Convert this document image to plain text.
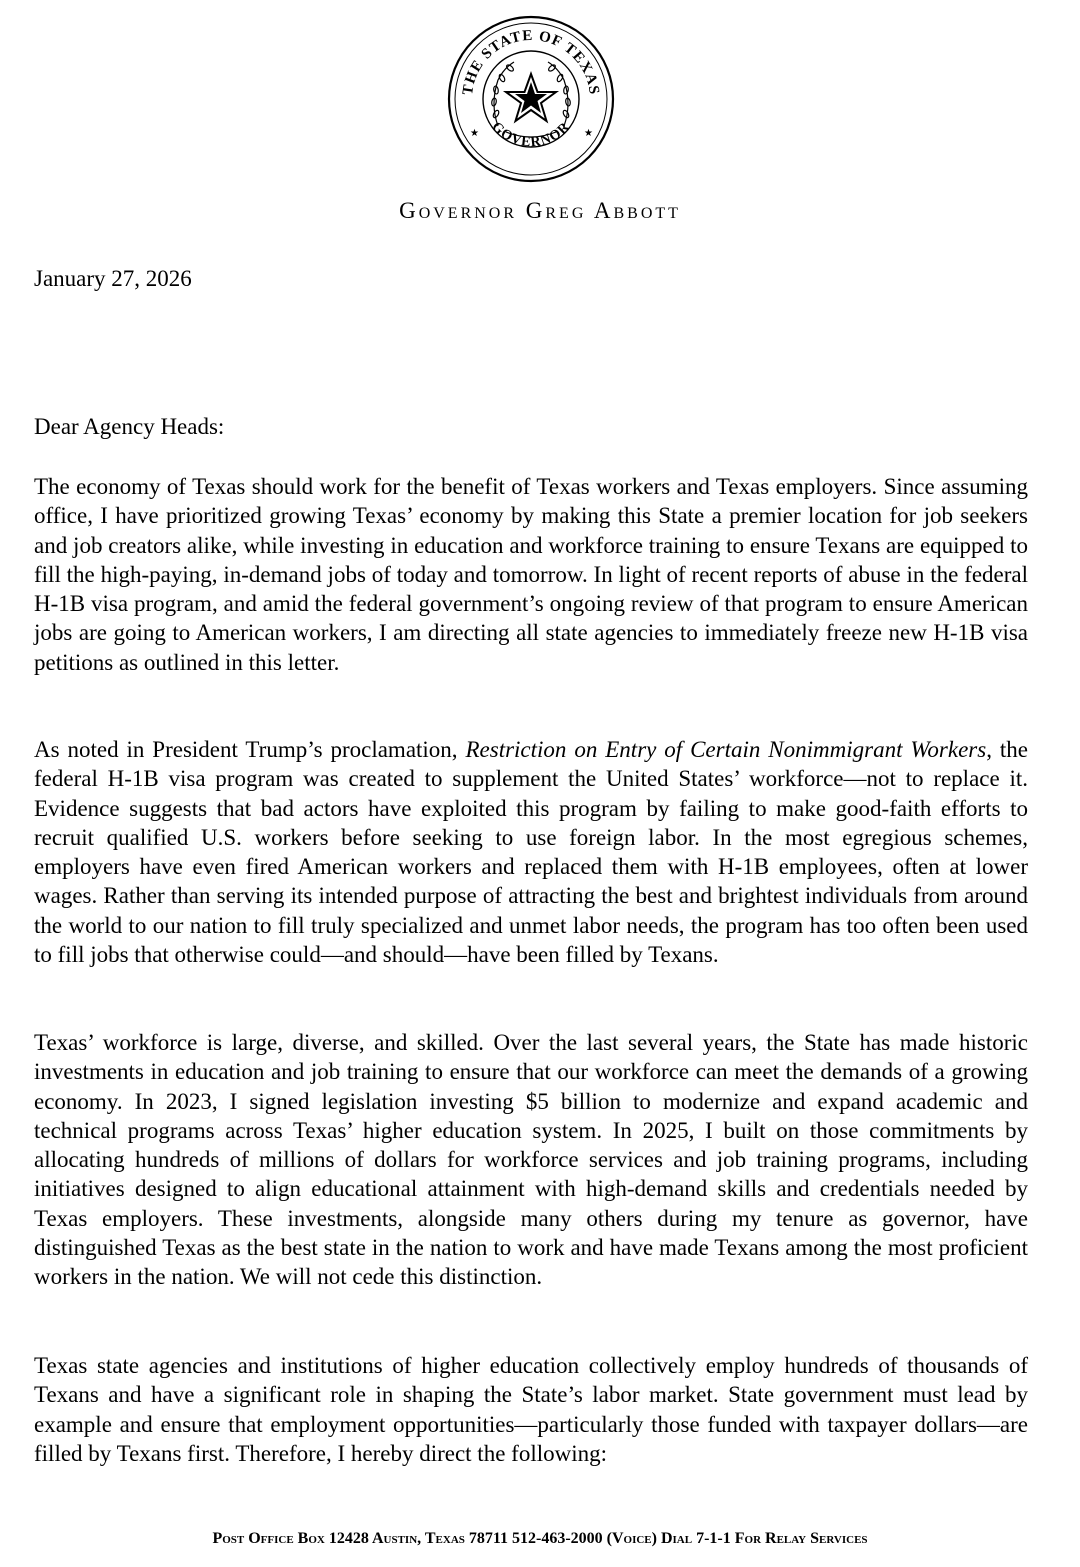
THE STATE OF TEXAS
GOVERNOR
★	★
Governor Greg Abbott
January 27, 2026
Dear Agency Heads:

The economy of Texas should work for the benefit of Texas workers and Texas employers. Since assuming office, I have prioritized growing Texas’ economy by making this State a premier location for job seekers and job creators alike, while investing in education and workforce training to ensure Texans are equipped to fill the high-paying, in-demand jobs of today and tomorrow. In light of recent reports of abuse in the federal H-1B visa program, and amid the federal government’s ongoing review of that program to ensure American jobs are going to American workers, I am directing all state agencies to immediately freeze new H-1B visa petitions as outlined in this letter.

As noted in President Trump’s proclamation, Restriction on Entry of Certain Nonimmigrant Workers, the federal H-1B visa program was created to supplement the United States’ workforce—not to replace it. Evidence suggests that bad actors have exploited this program by failing to make good-faith efforts to recruit qualified U.S. workers before seeking to use foreign labor. In the most egregious schemes, employers have even fired American workers and replaced them with H-1B employees, often at lower wages. Rather than serving its intended purpose of attracting the best and brightest individuals from around the world to our nation to fill truly specialized and unmet labor needs, the program has too often been used to fill jobs that otherwise could—and should—have been filled by Texans.

Texas’ workforce is large, diverse, and skilled. Over the last several years, the State has made historic investments in education and job training to ensure that our workforce can meet the demands of a growing economy. In 2023, I signed legislation investing $5 billion to modernize and expand academic and technical programs across Texas’ higher education system. In 2025, I built on those commitments by allocating hundreds of millions of dollars for workforce services and job training programs, including initiatives designed to align educational attainment with high-demand skills and credentials needed by Texas employers. These investments, alongside many others during my tenure as governor, have distinguished Texas as the best state in the nation to work and have made Texans among the most proficient workers in the nation. We will not cede this distinction.

Texas state agencies and institutions of higher education collectively employ hundreds of thousands of Texans and have a significant role in shaping the State’s labor market. State government must lead by example and ensure that employment opportunities—particularly those funded with taxpayer dollars—are filled by Texans first. Therefore, I hereby direct the following:

Post Office Box 12428 Austin, Texas 78711 512-463-2000 (Voice) Dial 7-1-1 For Relay Services
